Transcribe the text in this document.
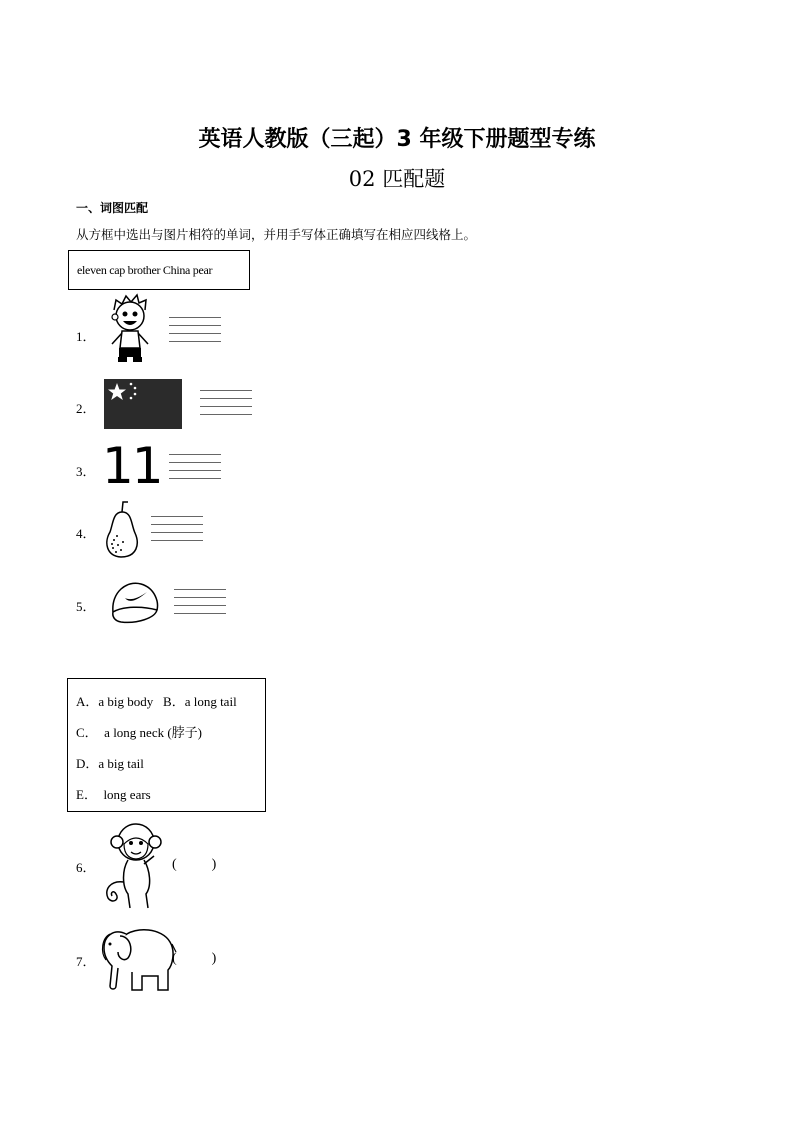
英语人教版（三起）3 年级下册题型专练
02 匹配题
一、词图匹配
从方框中选出与图片相符的单词，并用手写体正确填写在相应四线格上。
eleven cap brother China pear
1．
2．
3． 11
4．
5．
A．a big body   B．a long tail
C．  a long neck (脖子)
D．a big tail
E．  long ears
6．	(          )
7．	(          )
